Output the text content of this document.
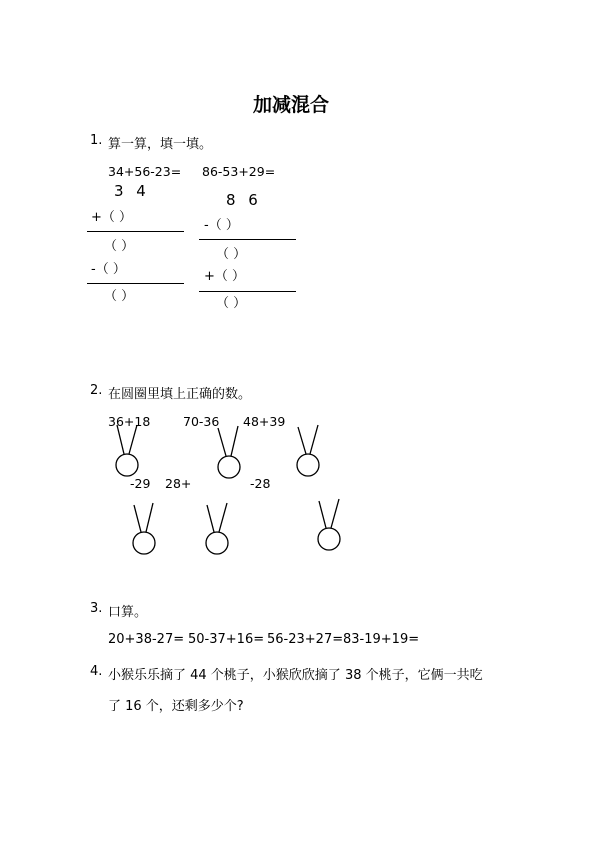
加减混合
1. 算一算，填一填。
34+56-23=
3 4
+（ ）
（ ）
-（ ）
（ ）
86-53+29=
8 6
-（ ）
（ ）
+（ ）
（ ）
2. 在圆圈里填上正确的数。
36+18	70-36 48+39
-29 28+	-28
3. 口算。
20+38-27= 50-37+16= 56-23+27= 83-19+19=
4. 小猴乐乐摘了 44 个桃子，小猴欣欣摘了 38 个桃子，它俩一共吃
了 16 个，还剩多少个?
